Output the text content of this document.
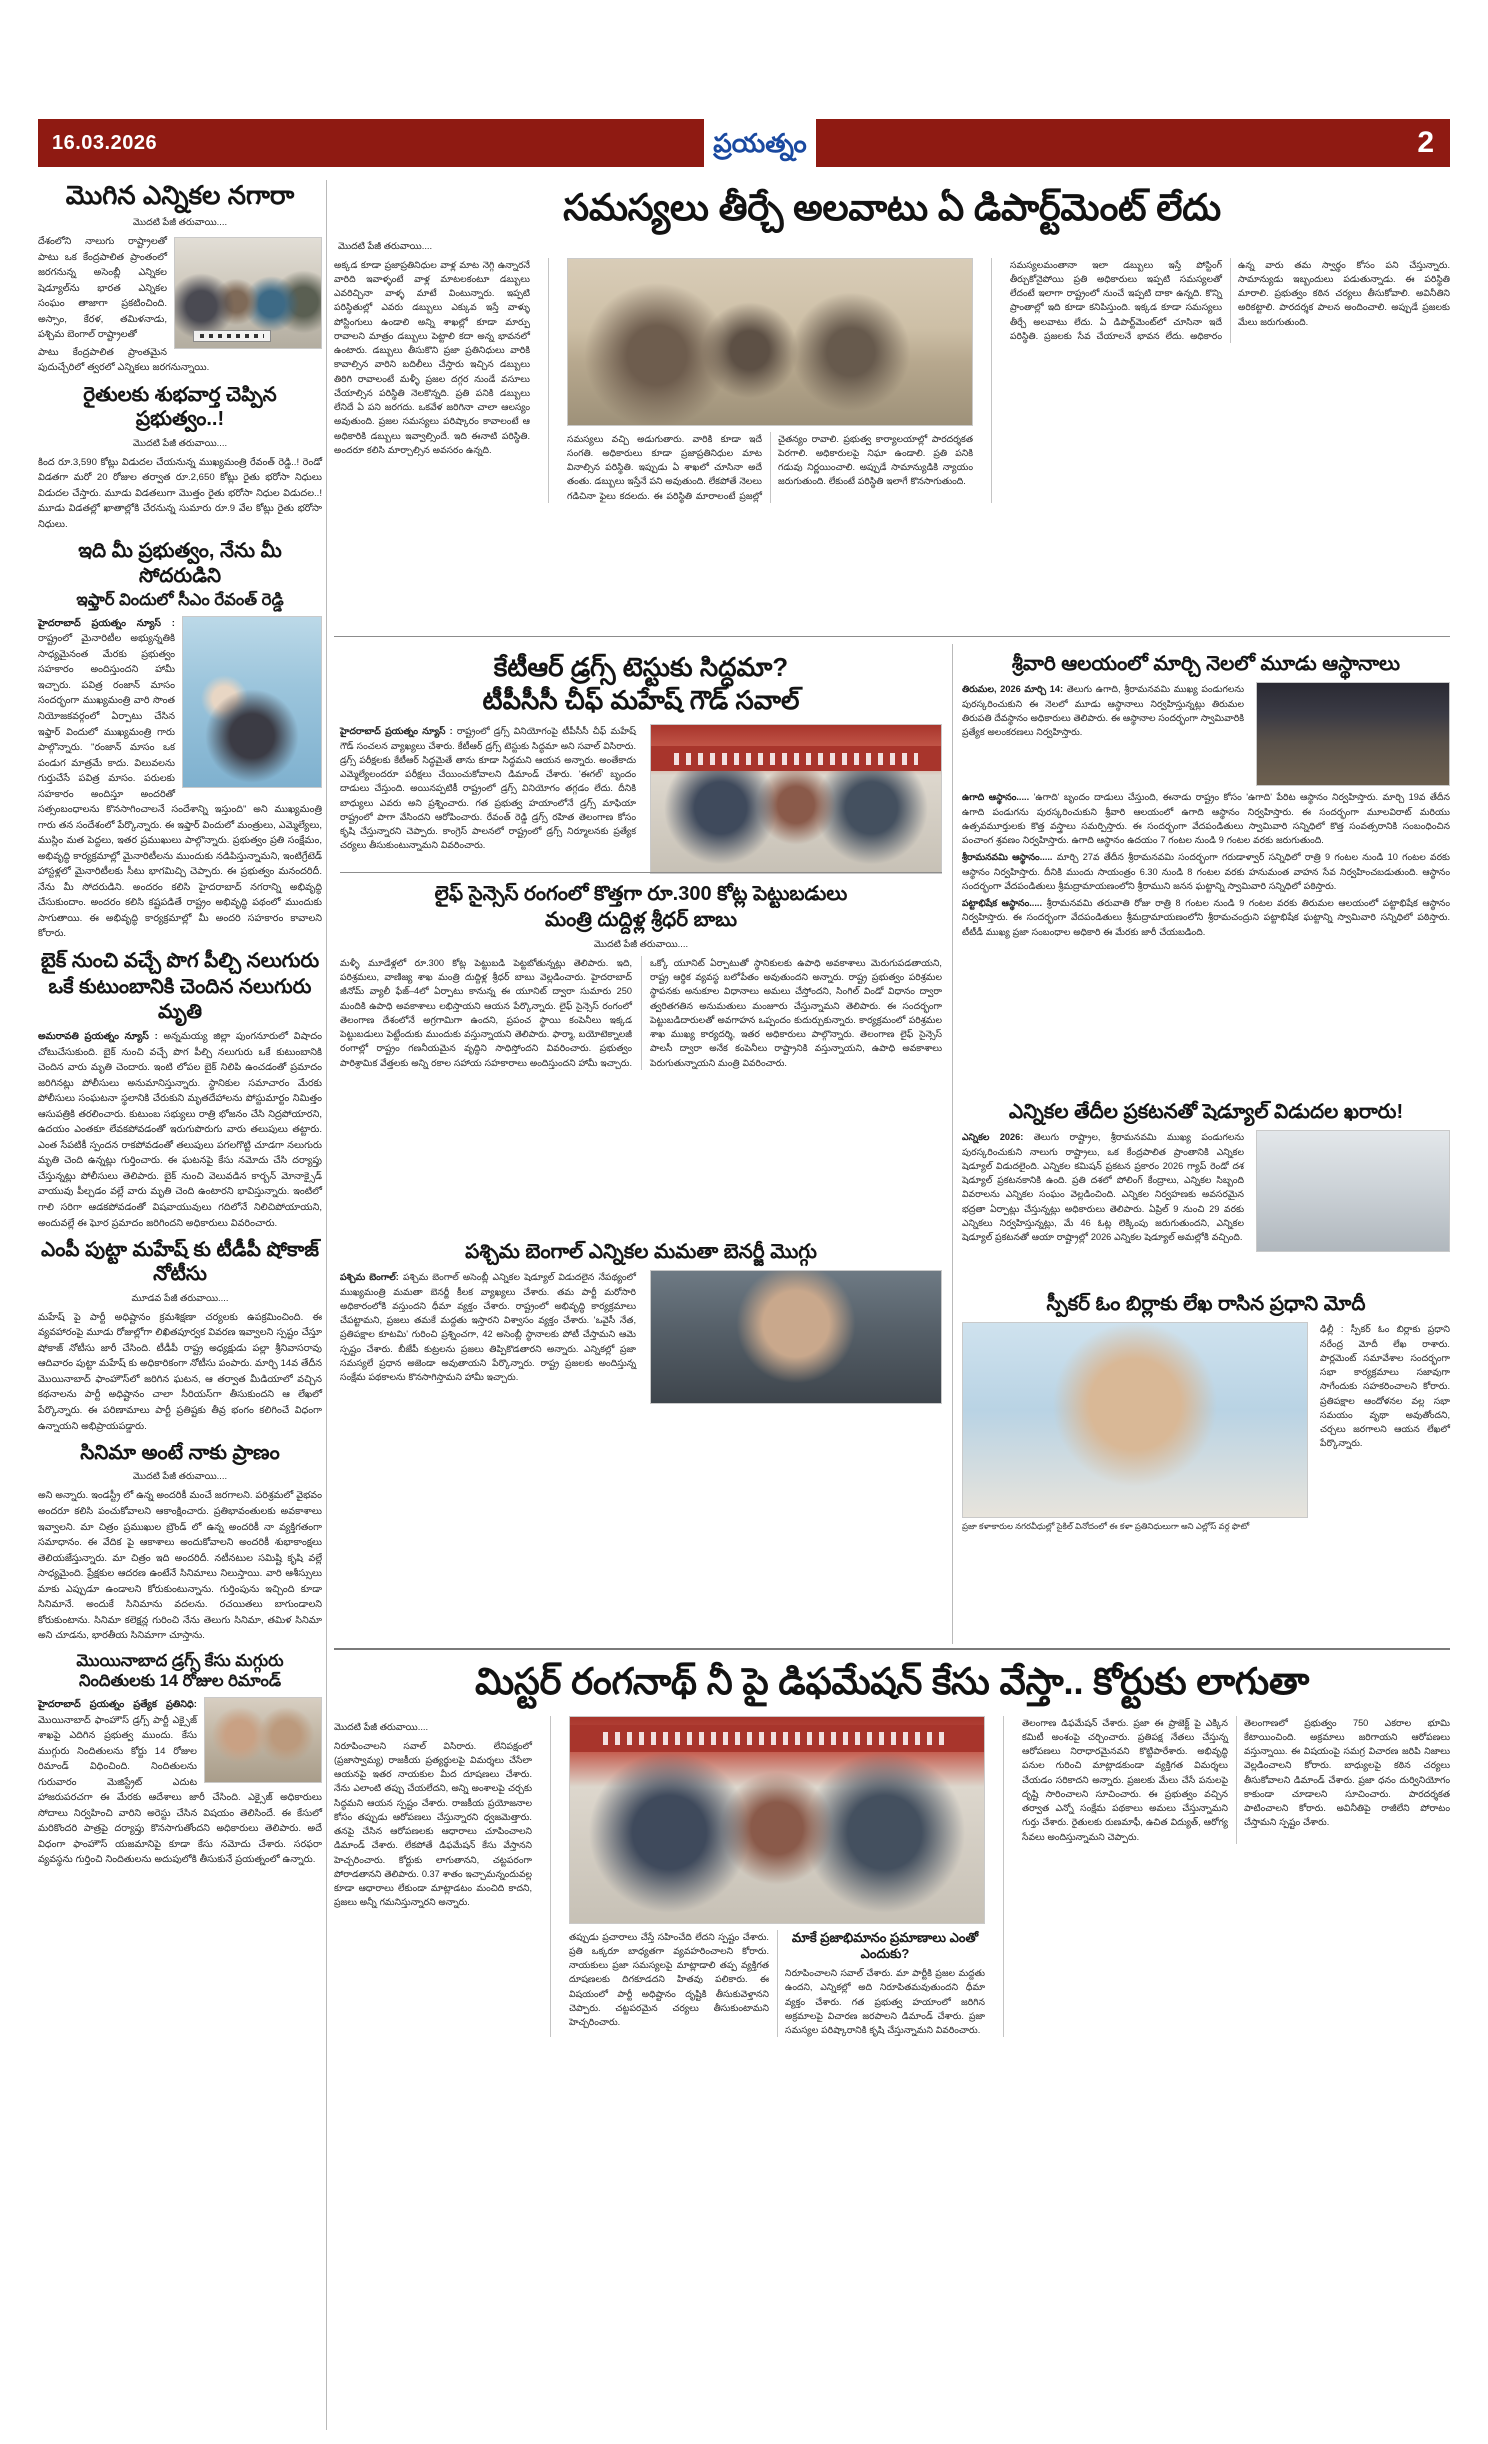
16.03.2026	ప్రయత్నం	2
మొగిన ఎన్నికల నగారా
మొదటి పేజీ తరువాయి....
దేశంలోని నాలుగు రాష్ట్రాలతో పాటు ఒక కేంద్రపాలిత ప్రాంతంలో జరగనున్న అసెంబ్లీ ఎన్నికల షెడ్యూల్‌ను భారత ఎన్నికల సంఘం తాజాగా ప్రకటించింది. అస్సాం, కేరళ, తమిళనాడు, పశ్చిమ బెంగాల్ రాష్ట్రాలతో
పాటు కేంద్రపాలిత ప్రాంతమైన పుదుచ్చేరిలో త్వరలో ఎన్నికలు జరగనున్నాయి.
రైతులకు శుభవార్త చెప్పిన ప్రభుత్వం..!
మొదటి పేజీ తరువాయి....
కింద రూ.3,590 కోట్లు విడుదల చేయనున్న ముఖ్యమంత్రి రేవంత్ రెడ్డి..! రెండో విడతగా మరో 20 రోజుల తర్వాత రూ.2,650 కోట్లు రైతు భరోసా నిధులు విడుదల చేస్తారు. మూడు విడతలుగా మొత్తం రైతు భరోసా నిధుల విడుదల..! మూడు విడతల్లో ఖాతాల్లోకి చేరనున్న సుమారు రూ.9 వేల కోట్లు రైతు భరోసా నిధులు.
ఇది మీ ప్రభుత్వం, నేను మీ సోదరుడిని
ఇఫ్తార్ విందులో సీఎం రేవంత్ రెడ్డి
హైదరాబాద్ ప్రయత్నం న్యూస్ : రాష్ట్రంలో మైనారిటీల అభ్యున్నతికి సాధ్యమైనంత మేరకు ప్రభుత్వం సహకారం అందిస్తుందని హామీ ఇచ్చారు. పవిత్ర రంజాన్ మాసం సందర్భంగా ముఖ్యమంత్రి వారి సొంత నియోజకవర్గంలో ఏర్పాటు చేసిన ఇఫ్తార్ విందులో ముఖ్యమంత్రి గారు పాల్గొన్నారు. "రంజాన్ మాసం ఒక పండుగ మాత్రమే కాదు. విలువలను గుర్తుచేసే పవిత్ర మాసం. పరులకు సహకారం అందిస్తూ అందరితో సత్సంబంధాలను కొనసాగించాలనే సందేశాన్ని ఇస్తుంది" అని ముఖ్యమంత్రి గారు తన సందేశంలో పేర్కొన్నారు. ఈ ఇఫ్తార్ విందులో మంత్రులు, ఎమ్మెల్యేలు, ముస్లిం మత పెద్దలు, ఇతర ప్రముఖులు పాల్గొన్నారు. ప్రభుత్వం ప్రతి సంక్షేమం, అభివృద్ధి కార్యక్రమాల్లో మైనారిటీలను ముందుకు నడిపిస్తున్నామని, ఇంటిగ్రేటెడ్ హాస్టళ్లలో మైనారిటీలకు సీటు భాగమిచ్చి చెప్పారు. ఈ ప్రభుత్వం మనందరిదీ. నేను మీ సోదరుడిని. అందరం కలిసి హైదరాబాద్ నగరాన్ని అభివృద్ధి చేసుకుందాం. అందరం కలిసి కష్టపడితే రాష్ట్రం అభివృద్ధి పథంలో ముందుకు సాగుతాయి. ఈ అభివృద్ధి కార్యక్రమాల్లో మీ అందరి సహకారం కావాలని కోరారు.
బైక్ నుంచి వచ్చే పొగ పీల్చి నలుగురు
ఒకే కుటుంబానికి చెందిన నలుగురు మృతి
అమరావతి ప్రయత్నం న్యూస్ : అన్నమయ్య జిల్లా పుంగనూరులో విషాదం చోటుచేసుకుంది. బైక్ నుంచి వచ్చే పొగ పీల్చి నలుగురు ఒకే కుటుంబానికి చెందిన వారు మృతి చెందారు. ఇంటి లోపల బైక్ నిలిపి ఉంచడంతో ప్రమాదం జరిగినట్లు పోలీసులు అనుమానిస్తున్నారు. స్థానికుల సమాచారం మేరకు పోలీసులు సంఘటనా స్థలానికి చేరుకుని మృతదేహాలను పోస్టుమార్టం నిమిత్తం ఆసుపత్రికి తరలించారు. కుటుంబ సభ్యులు రాత్రి భోజనం చేసి నిద్రపోయారని, ఉదయం ఎంతకూ లేవకపోవడంతో ఇరుగుపొరుగు వారు తలుపులు తట్టారు. ఎంత సేపటికీ స్పందన రాకపోవడంతో తలుపులు పగలగొట్టి చూడగా నలుగురు మృతి చెంది ఉన్నట్లు గుర్తించారు. ఈ ఘటనపై కేసు నమోదు చేసి దర్యాప్తు చేస్తున్నట్లు పోలీసులు తెలిపారు. బైక్ నుంచి వెలువడిన కార్బన్ మోనాక్సైడ్ వాయువు పీల్చడం వల్లే వారు మృతి చెంది ఉంటారని భావిస్తున్నారు. ఇంటిలో గాలి సరిగా ఆడకపోవడంతో విషవాయువులు గదిలోనే నిలిచిపోయాయని, అందువల్లే ఈ ఘోర ప్రమాదం జరిగిందని అధికారులు వివరించారు.
ఎంపీ పుట్టా మహేష్ కు టీడీపీ షోకాజ్ నోటీసు
మూడవ పేజీ తరువాయి....
మహేష్ పై పార్టీ అధిష్టానం క్రమశిక్షణా చర్యలకు ఉపక్రమించింది. ఈ వ్యవహారంపై మూడు రోజుల్లోగా లిఖితపూర్వక వివరణ ఇవ్వాలని స్పష్టం చేస్తూ షోకాజ్ నోటీసు జారీ చేసింది. టీడీపీ రాష్ట్ర అధ్యక్షుడు పల్లా శ్రీనివాసరావు ఆదివారం పుట్టా మహేష్ కు అధికారికంగా నోటీసు పంపారు. మార్చి 14వ తేదీన మొయినాబాద్ ఫాంహౌస్‌లో జరిగిన ఘటన, ఆ తర్వాత మీడియాలో వచ్చిన కథనాలను పార్టీ అధిష్టానం చాలా సీరియస్‌గా తీసుకుందని ఆ లేఖలో పేర్కొన్నారు. ఈ పరిణామాలు పార్టీ ప్రతిష్టకు తీవ్ర భంగం కలిగించే విధంగా ఉన్నాయని అభిప్రాయపడ్డారు.
సినిమా అంటే నాకు ప్రాణం
మొదటి పేజీ తరువాయి....
అని అన్నారు. ఇండస్ట్రీ లో ఉన్న అందరికీ మంచే జరగాలని. పరిశ్రమలో వైభవం అందరూ కలిసి పంచుకోవాలని ఆకాంక్షించారు. ప్రతిభావంతులకు అవకాశాలు ఇవ్వాలని. మా చిత్రం ప్రముఖుల బ్రౌండ్ లో ఉన్న అందరికీ నా వ్యక్తిగతంగా సమాధానం. ఈ వేదిక పై ఆకాశాలు అందుకోవాలని అందరికీ శుభాకాంక్షలు తెలియజేస్తున్నారు. మా చిత్రం ఇది అందరిదీ. నటీనటుల సమిష్టి కృషి వల్లే సాధ్యమైంది. ప్రేక్షకుల ఆదరణ ఉంటేనే సినిమాలు నిలుస్తాయి. వారి ఆశీస్సులు మాకు ఎప్పుడూ ఉండాలని కోరుకుంటున్నాను. గుర్తింపును ఇచ్చింది కూడా సినిమానే. అందుకే సినిమాను వదలను. రచయితలు బాగుండాలని కోరుకుంటాను. సినిమా కలెక్షన్ల గురించి నేను తెలుగు సినిమా, తమిళ సినిమా అని చూడను, భారతీయ సినిమాగా చూస్తాను.
మొయినాబాద డ్రగ్స్ కేసు మగ్గురు నిందితులకు 14 రోజుల రిమాండ్
హైదరాబాద్ ప్రయత్నం ప్రత్యేక ప్రతినిధి: మొయినాబాద్ ఫాంహౌస్ డ్రగ్స్ పార్టీ ఎక్సైజ్ శాఖపై ఎదిగిన ప్రభుత్వ ముందు. కేసు ముగ్గురు నిందితులను కోర్టు 14 రోజుల రిమాండ్ విధించింది. నిందితులను గురువారం మెజిస్ట్రేట్ ఎదుట హాజరుపరచగా ఈ మేరకు ఆదేశాలు జారీ చేసింది. ఎక్సైజ్ అధికారులు సోదాలు నిర్వహించి వారిని అరెస్టు చేసిన విషయం తెలిసిందే. ఈ కేసులో మరికొందరి పాత్రపై దర్యాప్తు కొనసాగుతోందని అధికారులు తెలిపారు. అదే విధంగా ఫాంహౌస్ యజమానిపై కూడా కేసు నమోదు చేశారు. సరఫరా వ్యవస్థను గుర్తించి నిందితులను అదుపులోకి తీసుకునే ప్రయత్నంలో ఉన్నారు.
సమస్యలు తీర్చే అలవాటు ఏ డిపార్ట్‌మెంట్ లేదు
మొదటి పేజీ తరువాయి....
అక్కడ కూడా ప్రజాప్రతినిధుల వాళ్ల మాట నెగ్గి ఉన్నారనే వారిది ఇవాళ్ళంటే వాళ్ల మాటలకంటూ డబ్బులు ఎవరిచ్చినా వాళ్ళ మాటే వింటున్నారు. ఇప్పటి పరిస్థితుల్లో ఎవరు డబ్బులు ఎక్కువ ఇస్తే వాళ్ళు పోస్టింగులు ఉండాలి అన్ని శాఖల్లో కూడా మార్పు రావాలని మాత్రం డబ్బులు పెట్టాలి కదా అన్న భావనలో ఉంటారు. డబ్బులు తీసుకొని ప్రజా ప్రతినిధులు వారికి కావాల్సిన వారిని బదిలీలు చేస్తారు ఇచ్చిన డబ్బులు తిరిగి రావాలంటే మళ్ళీ ప్రజల దగ్గర నుండే వసూలు చేయాల్సిన పరిస్థితి నెలకొన్నది. ప్రతి పనికి డబ్బులు లేనిదే ఏ పని జరగదు. ఒకవేళ జరిగినా చాలా ఆలస్యం అవుతుంది. ప్రజల సమస్యలు పరిష్కారం కావాలంటే ఆ అధికారికి డబ్బులు ఇవ్వాల్సిందే. ఇది ఈనాటి పరిస్థితి. అందరూ కలిసి మార్చాల్సిన అవసరం ఉన్నది.
సమస్యలు వచ్చి అడుగుతారు. వారికి కూడా ఇదే సంగతి. అధికారులు కూడా ప్రజాప్రతినిధుల మాట వినాల్సిన పరిస్థితి. ఇప్పుడు ఏ శాఖలో చూసినా అదే తంతు. డబ్బులు ఇస్తేనే పని అవుతుంది. లేకపోతే నెలలు గడిచినా ఫైలు కదలదు. ఈ పరిస్థితి మారాలంటే ప్రజల్లో చైతన్యం రావాలి. ప్రభుత్వ కార్యాలయాల్లో పారదర్శకత పెరగాలి. అధికారులపై నిఘా ఉండాలి. ప్రతి పనికి గడువు నిర్ణయించాలి. అప్పుడే సామాన్యుడికి న్యాయం జరుగుతుంది. లేకుంటే పరిస్థితి ఇలాగే కొనసాగుతుంది.
సమస్యలమంతానా ఇలా డబ్బులు ఇస్తే పోస్టింగ్ తీర్చుకోనైపోయి ప్రతి అధికారులు ఇప్పటి సమస్యలతో లేదంటే ఇలాగా రాష్ట్రంలో నుంచే ఇప్పటి దాకా ఉన్నది. కొన్ని ప్రాంతాల్లో ఇది కూడా కనిపిస్తుంది. ఇక్కడ కూడా సమస్యలు తీర్చే అలవాటు లేదు. ఏ డిపార్ట్‌మెంట్‌లో చూసినా ఇదే పరిస్థితి. ప్రజలకు సేవ చేయాలనే భావన లేదు. అధికారం ఉన్న వారు తమ స్వార్థం కోసం పని చేస్తున్నారు. సామాన్యుడు ఇబ్బందులు పడుతున్నాడు. ఈ పరిస్థితి మారాలి. ప్రభుత్వం కఠిన చర్యలు తీసుకోవాలి. అవినీతిని అరికట్టాలి. పారదర్శక పాలన అందించాలి. అప్పుడే ప్రజలకు మేలు జరుగుతుంది.
కేటీఆర్ డ్రగ్స్ టెస్టుకు సిద్ధమా?
టీపీసీసీ చీఫ్ మహేష్ గౌడ్ సవాల్
హైదరాబాద్ ప్రయత్నం న్యూస్ : రాష్ట్రంలో డ్రగ్స్ వినియోగంపై టీపీసీసీ చీఫ్ మహేష్ గౌడ్ సంచలన వ్యాఖ్యలు చేశారు. కేటీఆర్ డ్రగ్స్ టెస్టుకు సిద్ధమా అని సవాల్ విసిరారు. డ్రగ్స్ పరీక్షలకు కేటీఆర్ సిద్ధమైతే తాను కూడా సిద్ధమని ఆయన అన్నారు. అంతేకాదు ఎమ్మెల్యేలందరూ పరీక్షలు చేయించుకోవాలని డిమాండ్ చేశారు. 'ఈగల్' బృందం దాడులు చేస్తుంది. అయినప్పటికీ రాష్ట్రంలో డ్రగ్స్ వినియోగం తగ్గడం లేదు. దీనికి బాధ్యులు ఎవరు అని ప్రశ్నించారు. గత ప్రభుత్వ హయాంలోనే డ్రగ్స్ మాఫియా రాష్ట్రంలో పాగా వేసిందని ఆరోపించారు. రేవంత్ రెడ్డి డ్రగ్స్ రహిత తెలంగాణ కోసం కృషి చేస్తున్నారని చెప్పారు. కాంగ్రెస్ పాలనలో రాష్ట్రంలో డ్రగ్స్ నిర్మూలనకు ప్రత్యేక చర్యలు తీసుకుంటున్నామని వివరించారు.
లైఫ్ సైన్సెస్ రంగంలో కొత్తగా రూ.300 కోట్ల పెట్టుబడులు
మంత్రి దుద్దిళ్ల శ్రీధర్ బాబు
మొదటి పేజీ తరువాయి....
మళ్ళీ మూడేళ్లలో రూ.300 కోట్ల పెట్టుబడి పెట్టబోతున్నట్లు తెలిపారు. ఇది, పరిశ్రమలు, వాణిజ్య శాఖ మంత్రి దుద్దిళ్ల శ్రీధర్ బాబు వెల్లడించారు. హైదరాబాద్ జీనోమ్ వ్యాలీ ఫేజ్–4లో ఏర్పాటు కానున్న ఈ యూనిట్ ద్వారా సుమారు 250 మందికి ఉపాధి అవకాశాలు లభిస్తాయని ఆయన పేర్కొన్నారు. లైఫ్ సైన్సెస్ రంగంలో తెలంగాణ దేశంలోనే అగ్రగామిగా ఉందని, ప్రపంచ స్థాయి కంపెనీలు ఇక్కడ పెట్టుబడులు పెట్టేందుకు ముందుకు వస్తున్నాయని తెలిపారు. ఫార్మా, బయోటెక్నాలజీ రంగాల్లో రాష్ట్రం గణనీయమైన వృద్ధిని సాధిస్తోందని వివరించారు. ప్రభుత్వం పారిశ్రామిక వేత్తలకు అన్ని రకాల సహాయ సహకారాలు అందిస్తుందని హామీ ఇచ్చారు. ఒక్కో యూనిట్ ఏర్పాటుతో స్థానికులకు ఉపాధి అవకాశాలు మెరుగుపడతాయని, రాష్ట్ర ఆర్థిక వ్యవస్థ బలోపేతం అవుతుందని అన్నారు. రాష్ట్ర ప్రభుత్వం పరిశ్రమల స్థాపనకు అనుకూల విధానాలు అమలు చేస్తోందని, సింగిల్ విండో విధానం ద్వారా త్వరితగతిన అనుమతులు మంజూరు చేస్తున్నామని తెలిపారు. ఈ సందర్భంగా పెట్టుబడిదారులతో అవగాహన ఒప్పందం కుదుర్చుకున్నారు. కార్యక్రమంలో పరిశ్రమల శాఖ ముఖ్య కార్యదర్శి, ఇతర అధికారులు పాల్గొన్నారు. తెలంగాణ లైఫ్ సైన్సెస్ పాలసీ ద్వారా అనేక కంపెనీలు రాష్ట్రానికి వస్తున్నాయని, ఉపాధి అవకాశాలు పెరుగుతున్నాయని మంత్రి వివరించారు.
పశ్చిమ బెంగాల్ ఎన్నికల మమతా బెనర్జీ మొగ్గు
పశ్చిమ బెంగాల్: పశ్చిమ బెంగాల్ అసెంబ్లీ ఎన్నికల షెడ్యూల్ విడుదలైన నేపథ్యంలో ముఖ్యమంత్రి మమతా బెనర్జీ కీలక వ్యాఖ్యలు చేశారు. తమ పార్టీ మరోసారి అధికారంలోకి వస్తుందని ధీమా వ్యక్తం చేశారు. రాష్ట్రంలో అభివృద్ధి కార్యక్రమాలు చేపట్టామని, ప్రజలు తమకే మద్దతు ఇస్తారని విశ్వాసం వ్యక్తం చేశారు. 'ఒవైసీ నేత, ప్రతిపక్షాల కూటమి' గురించి ప్రశ్నించగా, 42 అసెంబ్లీ స్థానాలకు పోటీ చేస్తామని ఆమె స్పష్టం చేశారు. బీజేపీ కుట్రలను ప్రజలు తిప్పికొడతారని అన్నారు. ఎన్నికల్లో ప్రజా సమస్యలే ప్రధాన అజెండా అవుతాయని పేర్కొన్నారు. రాష్ట్ర ప్రజలకు అందిస్తున్న సంక్షేమ పథకాలను కొనసాగిస్తామని హామీ ఇచ్చారు.
శ్రీవారి ఆలయంలో మార్చి నెలలో మూడు ఆస్థానాలు
తిరుమల, 2026 మార్చి 14: తెలుగు ఉగాది, శ్రీరామనవమి ముఖ్య పండుగలను పురస్కరించుకుని ఈ నెలలో మూడు ఆస్థానాలు నిర్వహిస్తున్నట్లు తిరుమల తిరుపతి దేవస్థానం అధికారులు తెలిపారు. ఈ ఆస్థానాల సందర్భంగా స్వామివారికి ప్రత్యేక అలంకరణలు నిర్వహిస్తారు.
ఉగాది ఆస్థానం..... 'ఉగాది' బృందం దాడులు చేస్తుంది, ఈనాడు రాష్ట్రం కోసం 'ఉగాది' పేరిట ఆస్థానం నిర్వహిస్తారు. మార్చి 19వ తేదీన ఉగాది పండుగను పురస్కరించుకుని శ్రీవారి ఆలయంలో ఉగాది ఆస్థానం నిర్వహిస్తారు. ఈ సందర్భంగా మూలవిరాట్ మరియు ఉత్సవమూర్తులకు కొత్త వస్త్రాలు సమర్పిస్తారు. ఈ సందర్భంగా వేదపండితులు స్వామివారి సన్నిధిలో కొత్త సంవత్సరానికి సంబంధించిన పంచాంగ శ్రవణం నిర్వహిస్తారు. ఉగాది ఆస్థానం ఉదయం 7 గంటల నుండి 9 గంటల వరకు జరుగుతుంది.
శ్రీరామనవమి ఆస్థానం..... మార్చి 27వ తేదీన శ్రీరామనవమి సందర్భంగా గరుడాళ్వార్ సన్నిధిలో రాత్రి 9 గంటల నుండి 10 గంటల వరకు ఆస్థానం నిర్వహిస్తారు. దీనికి ముందు సాయంత్రం 6.30 నుండి 8 గంటల వరకు హనుమంత వాహన సేవ నిర్వహించబడుతుంది. ఆస్థానం సందర్భంగా వేదపండితులు శ్రీమద్రామాయణంలోని శ్రీరాముని జనన ఘట్టాన్ని స్వామివారి సన్నిధిలో పఠిస్తారు.
పట్టాభిషేక ఆస్థానం..... శ్రీరామనవమి తరువాతి రోజు రాత్రి 8 గంటల నుండి 9 గంటల వరకు తిరుమల ఆలయంలో పట్టాభిషేక ఆస్థానం నిర్వహిస్తారు. ఈ సందర్భంగా వేదపండితులు శ్రీమద్రామాయణంలోని శ్రీరామచంద్రుని పట్టాభిషేక ఘట్టాన్ని స్వామివారి సన్నిధిలో పఠిస్తారు. టీటీడీ ముఖ్య ప్రజా సంబంధాల అధికారి ఈ మేరకు జారీ చేయబడింది.
ఎన్నికల తేదీల ప్రకటనతో షెడ్యూల్ విడుదల ఖరారు!
ఎన్నికల 2026: తెలుగు రాష్ట్రాల, శ్రీరామనవమి ముఖ్య పండుగలను పురస్కరించుకుని నాలుగు రాష్ట్రాలు, ఒక కేంద్రపాలిత ప్రాంతానికి ఎన్నికల షెడ్యూల్ విడుదలైంది. ఎన్నికల కమిషన్ ప్రకటన ప్రకారం 2026 గ్యాప్ రెండో దశ షెడ్యూల్ ప్రకటనకానికి ఉంది. ప్రతి దశలో పోలింగ్ కేంద్రాలు, ఎన్నికల సిబ్బంది వివరాలను ఎన్నికల సంఘం వెల్లడించింది. ఎన్నికల నిర్వహణకు అవసరమైన భద్రతా ఏర్పాట్లు చేస్తున్నట్లు అధికారులు తెలిపారు. ఏప్రిల్ 9 నుంచి 29 వరకు ఎన్నికలు నిర్వహిస్తున్నట్లు, మే 46 ఓట్ల లెక్కింపు జరుగుతుందని, ఎన్నికల షెడ్యూల్ ప్రకటనతో ఆయా రాష్ట్రాల్లో 2026 ఎన్నికల షెడ్యూల్ అమల్లోకి వచ్చింది.
స్పీకర్ ఓం బిర్లాకు లేఖ రాసిన ప్రధాని మోదీ
ఢిల్లీ : స్పీకర్ ఓం బిర్లాకు ప్రధాని నరేంద్ర మోదీ లేఖ రాశారు. పార్లమెంట్ సమావేశాల సందర్భంగా సభా కార్యక్రమాలు సజావుగా సాగేందుకు సహకరించాలని కోరారు. ప్రతిపక్షాల ఆందోళనల వల్ల సభా సమయం వృథా అవుతోందని, చర్చలు జరగాలని ఆయన లేఖలో పేర్కొన్నారు.
ప్రజా కళాకారుల నగరవీధుల్లో సైకిల్ వినోదంలో ఈ కళా ప్రతినిధులుగా అని ఎల్లోస్ వర్గ ఫొటో
మిస్టర్ రంగనాథ్ నీ పై డిఫమేషన్ కేసు వేస్తా.. కోర్టుకు లాగుతా
మొదటి పేజీ తరువాయి....
నిరూపించాలని సవాల్ విసిరారు. లేనిపక్షంలో (ప్రజాస్వామ్య) రాజకీయ ప్రత్యర్థులపై విమర్శలు చేసేలా ఆయనపై ఇతర నాయకుల మీద దూషణలు చేశారు. నేను ఎలాంటి తప్పు చేయలేదని, అన్ని అంశాలపై చర్చకు సిద్ధమని ఆయన స్పష్టం చేశారు. రాజకీయ ప్రయోజనాల కోసం తప్పుడు ఆరోపణలు చేస్తున్నారని ధ్వజమెత్తారు. తనపై చేసిన ఆరోపణలకు ఆధారాలు చూపించాలని డిమాండ్ చేశారు. లేకపోతే డిఫమేషన్ కేసు వేస్తానని హెచ్చరించారు. కోర్టుకు లాగుతానని, చట్టపరంగా పోరాడతానని తెలిపారు. 0.37 శాతం ఇచ్చామన్నందువల్ల కూడా ఆధారాలు లేకుండా మాట్లాడటం మంచిది కాదని, ప్రజలు అన్నీ గమనిస్తున్నారని అన్నారు.
తప్పుడు ప్రచారాలు చేస్తే సహించేది లేదని స్పష్టం చేశారు. ప్రతి ఒక్కరూ బాధ్యతగా వ్యవహరించాలని కోరారు. నాయకులు ప్రజా సమస్యలపై మాట్లాడాలి తప్ప వ్యక్తిగత దూషణలకు దిగకూడదని హితవు పలికారు. ఈ విషయంలో పార్టీ అధిష్టానం దృష్టికి తీసుకువెళ్తానని చెప్పారు. చట్టపరమైన చర్యలు తీసుకుంటామని హెచ్చరించారు.
మాకే ప్రజాభిమానం ప్రమాణాలు ఎంతో ఎందుకు?
నిరూపించాలని సవాల్ చేశారు. మా పార్టీకి ప్రజల మద్దతు ఉందని, ఎన్నికల్లో అది నిరూపితమవుతుందని ధీమా వ్యక్తం చేశారు. గత ప్రభుత్వ హయాంలో జరిగిన అక్రమాలపై విచారణ జరపాలని డిమాండ్ చేశారు. ప్రజా సమస్యల పరిష్కారానికి కృషి చేస్తున్నామని వివరించారు.
తెలంగాణ డిఫమేషన్ చేశారు. ప్రజా ఈ ప్రాజెక్ట్ పై ఎక్కిన కమిటీ అంశంపై చర్చించారు. ప్రతిపక్ష నేతలు చేస్తున్న ఆరోపణలు నిరాధారమైనవని కొట్టిపారేశారు. అభివృద్ధి పనుల గురించి మాట్లాడకుండా వ్యక్తిగత విమర్శలు చేయడం సరికాదని అన్నారు. ప్రజలకు మేలు చేసే పనులపై దృష్టి సారించాలని సూచించారు. ఈ ప్రభుత్వం వచ్చిన తర్వాత ఎన్నో సంక్షేమ పథకాలు అమలు చేస్తున్నామని గుర్తు చేశారు. రైతులకు రుణమాఫీ, ఉచిత విద్యుత్, ఆరోగ్య సేవలు అందిస్తున్నామని చెప్పారు.
తెలంగాణలో ప్రభుత్వం 750 ఎకరాల భూమి కేటాయించింది. అక్రమాలు జరిగాయని ఆరోపణలు వస్తున్నాయి. ఈ విషయంపై సమగ్ర విచారణ జరిపి నిజాలు వెల్లడించాలని కోరారు. బాధ్యులపై కఠిన చర్యలు తీసుకోవాలని డిమాండ్ చేశారు. ప్రజా ధనం దుర్వినియోగం కాకుండా చూడాలని సూచించారు. పారదర్శకత పాటించాలని కోరారు. అవినీతిపై రాజీలేని పోరాటం చేస్తామని స్పష్టం చేశారు.
